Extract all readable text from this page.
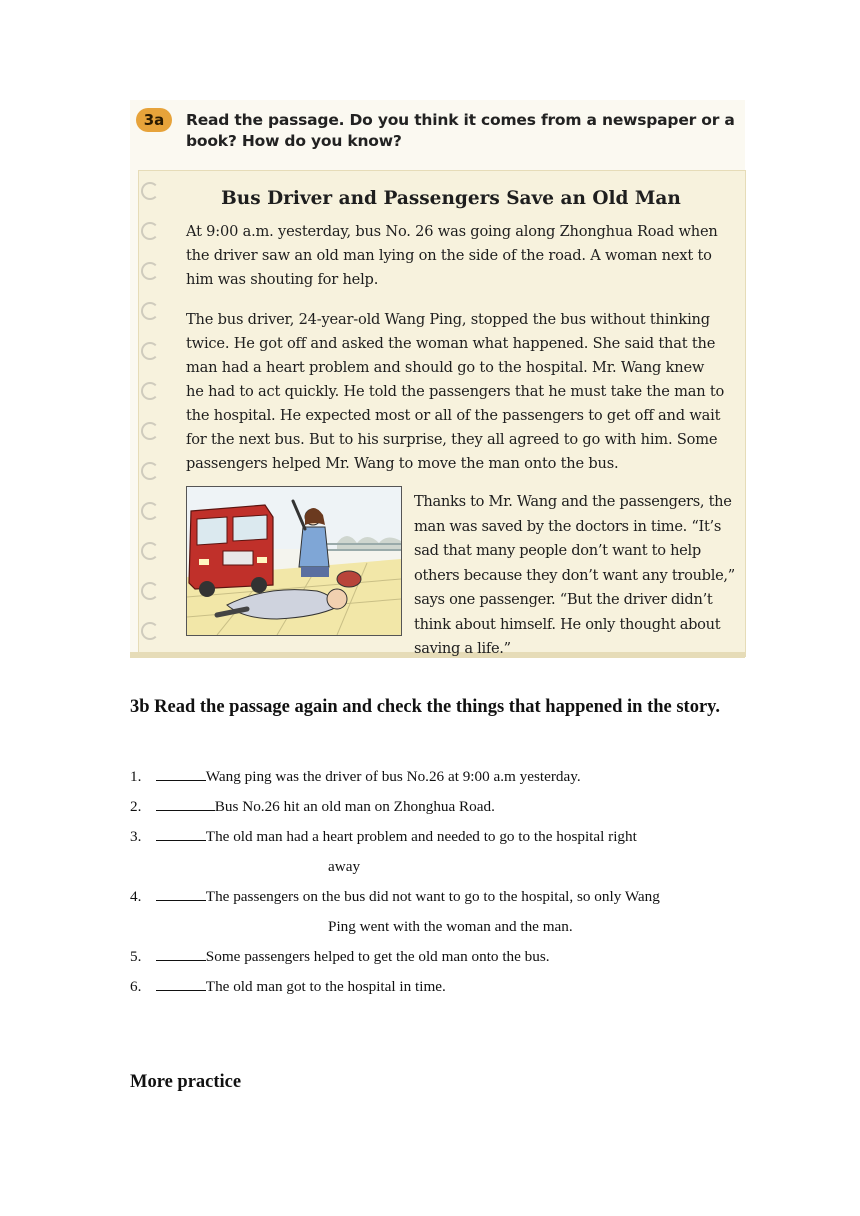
3a	Read the passage. Do you think it comes from a newspaper or a book? How do you know?
Bus Driver and Passengers Save an Old Man
At 9:00 a.m. yesterday, bus No. 26 was going along Zhonghua Road when the driver saw an old man lying on the side of the road. A woman next to him was shouting for help.
The bus driver, 24-year-old Wang Ping, stopped the bus without thinking twice. He got off and asked the woman what happened. She said that the man had a heart problem and should go to the hospital. Mr. Wang knew he had to act quickly. He told the passengers that he must take the man to the hospital. He expected most or all of the passengers to get off and wait for the next bus. But to his surprise, they all agreed to go with him. Some passengers helped Mr. Wang to move the man onto the bus.
Thanks to Mr. Wang and the passengers, the man was saved by the doctors in time. “It’s sad that many people don’t want to help others because they don’t want any trouble,” says one passenger. “But the driver didn’t think about himself. He only thought about saving a life.”
3b Read the passage again and check the things that happened in the story.
1.	Wang ping was the driver of bus No.26 at 9:00 a.m yesterday.
2.	Bus No.26 hit an old man on Zhonghua Road.
3.	The old man had a heart problem and needed to go to the hospital right
away
4.	The passengers on the bus did not want to go to the hospital, so only Wang
Ping went with the woman and the man.
5.	Some passengers helped to get the old man onto the bus.
6.	The old man got to the hospital in time.
More practice
